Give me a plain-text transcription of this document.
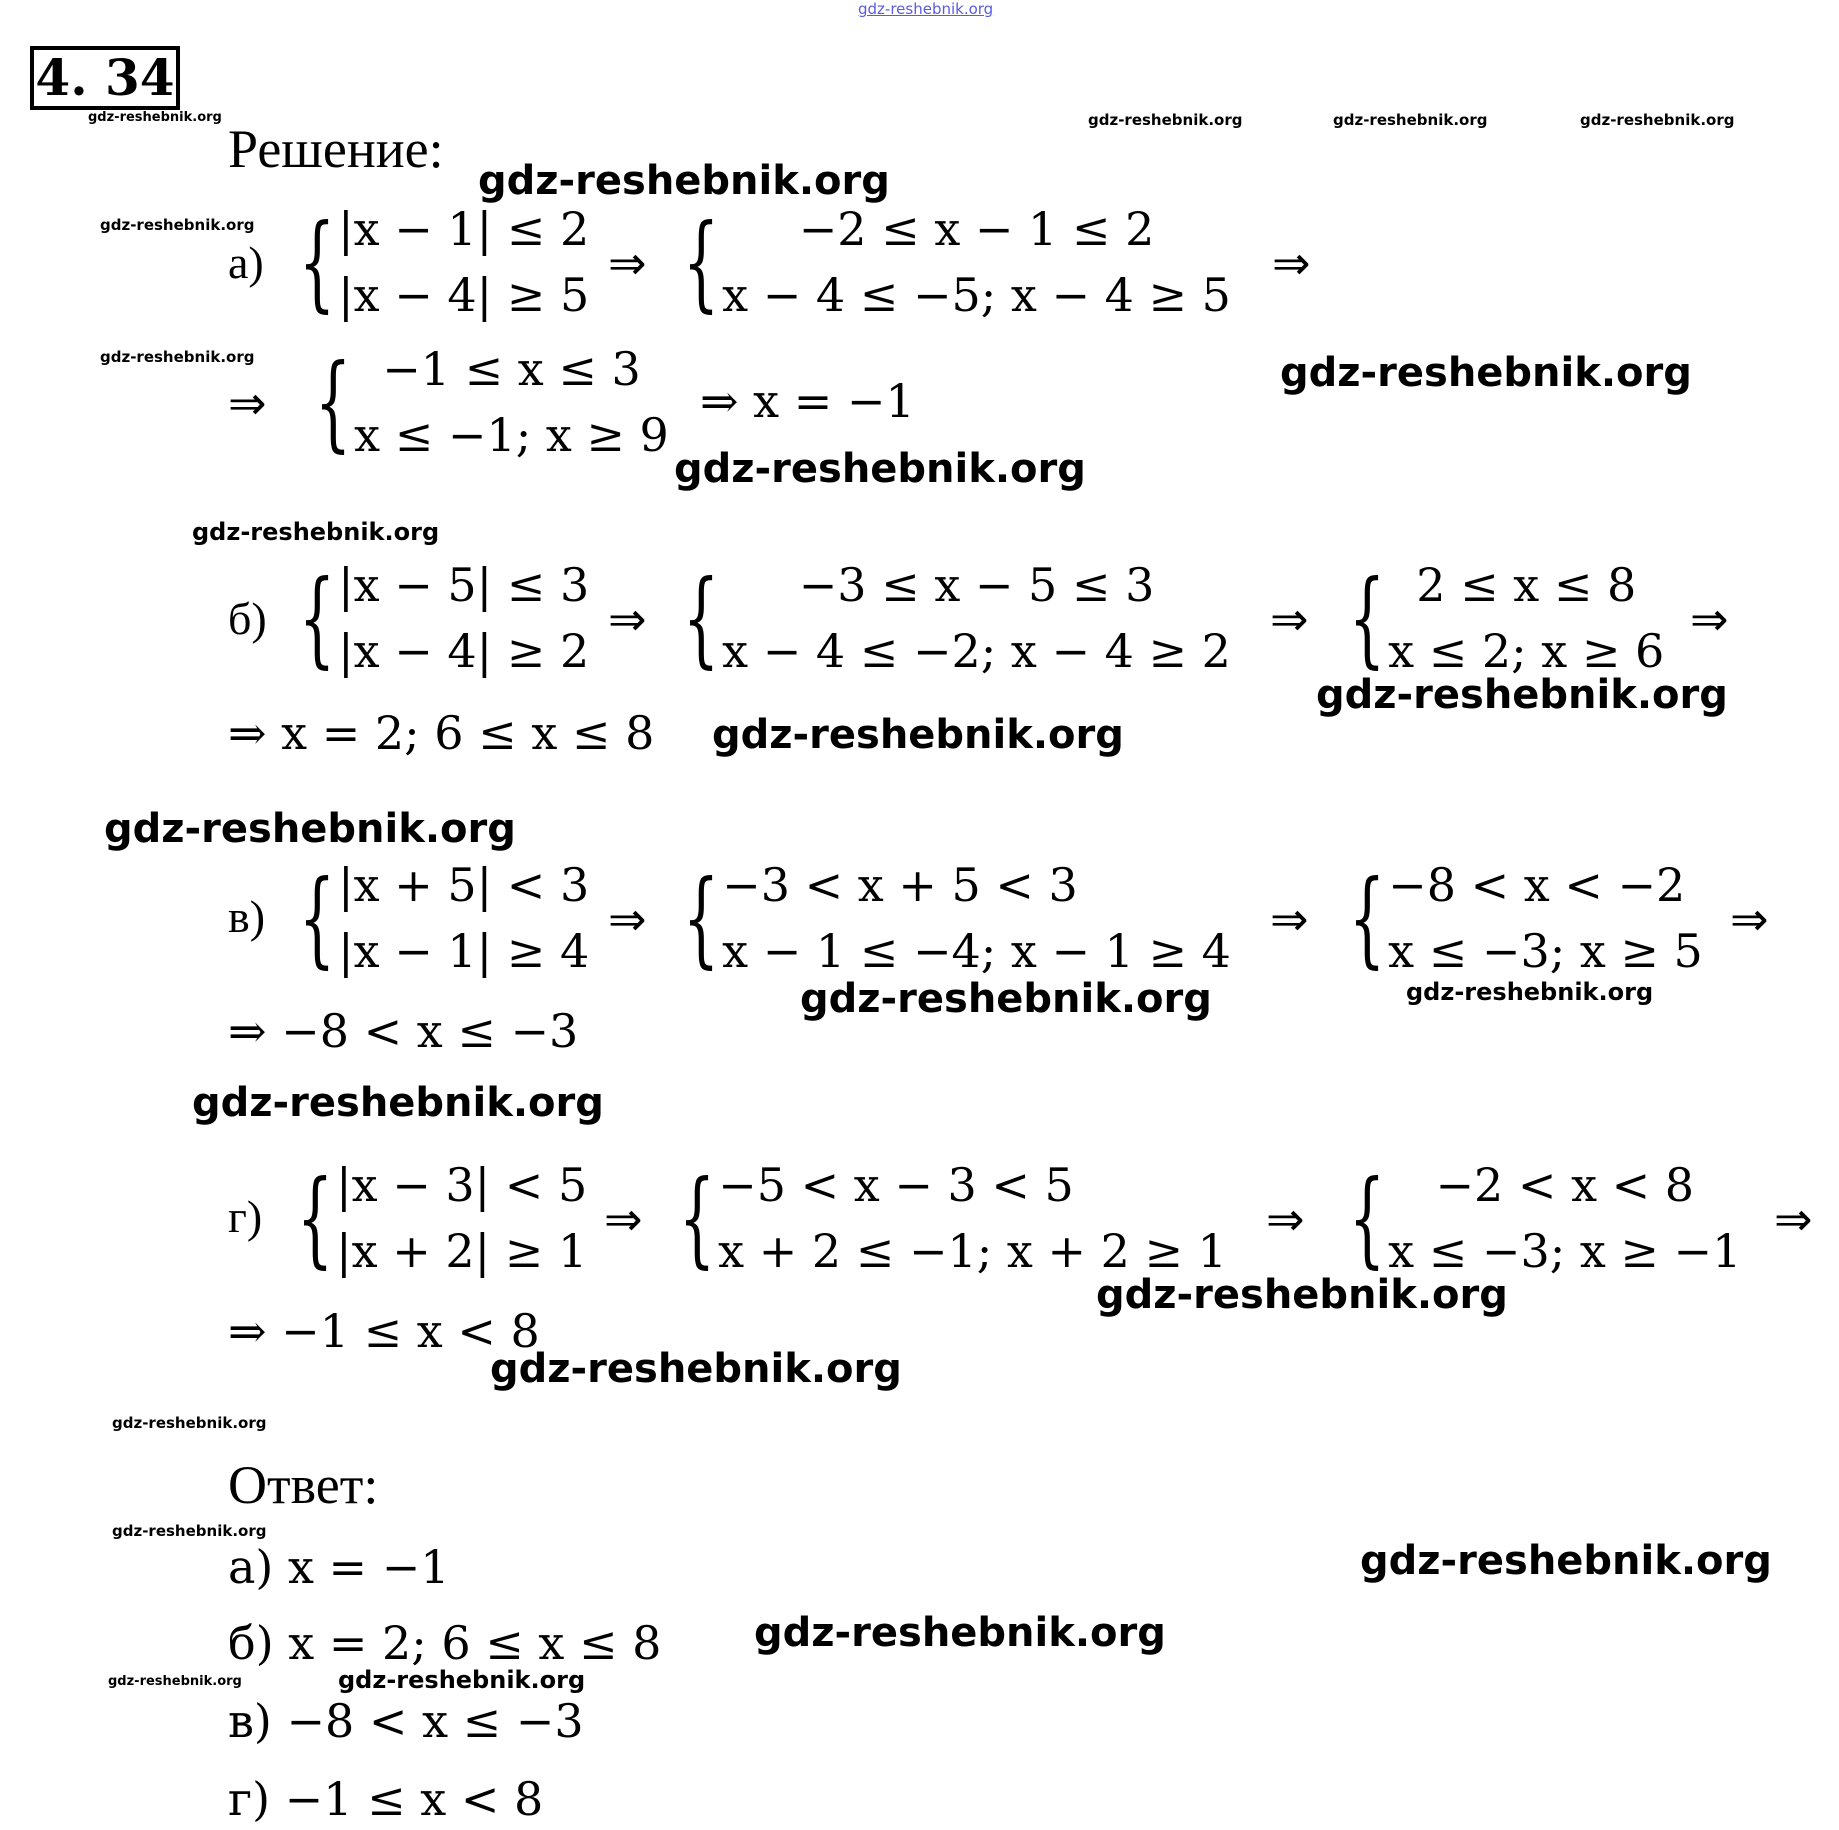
gdz-reshebnik.org
4. 34
gdz-reshebnik.org	gdz-reshebnik.org	gdz-reshebnik.org	gdz-reshebnik.org
Решение:
gdz-reshebnik.org
gdz-reshebnik.org
а) { |x − 1| ≤ 2
|x − 4| ≥ 5
⇒ {	−2 ≤ x − 1 ≤ 2
x − 4 ≤ −5; x − 4 ≥ 5
⇒
gdz-reshebnik.org
⇒ { −1 ≤ x ≤ 3
x ≤ −1; x ≥ 9
⇒ x = −1
gdz-reshebnik.org
gdz-reshebnik.org
gdz-reshebnik.org
б) { |x − 5| ≤ 3
|x − 4| ≥ 2
⇒ {	−3 ≤ x − 5 ≤ 3
x − 4 ≤ −2; x − 4 ≥ 2
⇒ { 2 ≤ x ≤ 8
x ≤ 2; x ≥ 6
⇒
gdz-reshebnik.org
⇒ x = 2; 6 ≤ x ≤ 8 gdz-reshebnik.org
gdz-reshebnik.org
в) { |x + 5| < 3
|x − 1| ≥ 4
⇒ { −3 < x + 5 < 3
x − 1 ≤ −4; x − 1 ≥ 4
⇒ { −8 < x < −2
x ≤ −3; x ≥ 5
⇒
gdz-reshebnik.org	gdz-reshebnik.org
⇒ −8 < x ≤ −3
gdz-reshebnik.org
г) { |x − 3| < 5
|x + 2| ≥ 1
⇒ { −5 < x − 3 < 5
x + 2 ≤ −1; x + 2 ≥ 1
⇒ {	−2 < x < 8
x ≤ −3; x ≥ −1
⇒
gdz-reshebnik.org
⇒ −1 ≤ x < 8
gdz-reshebnik.org
gdz-reshebnik.org
Ответ:
gdz-reshebnik.org
а) x = −1	gdz-reshebnik.org
б) x = 2; 6 ≤ x ≤ 8 gdz-reshebnik.org
gdz-reshebnik.org	gdz-reshebnik.org
в) −8 < x ≤ −3
г) −1 ≤ x < 8
